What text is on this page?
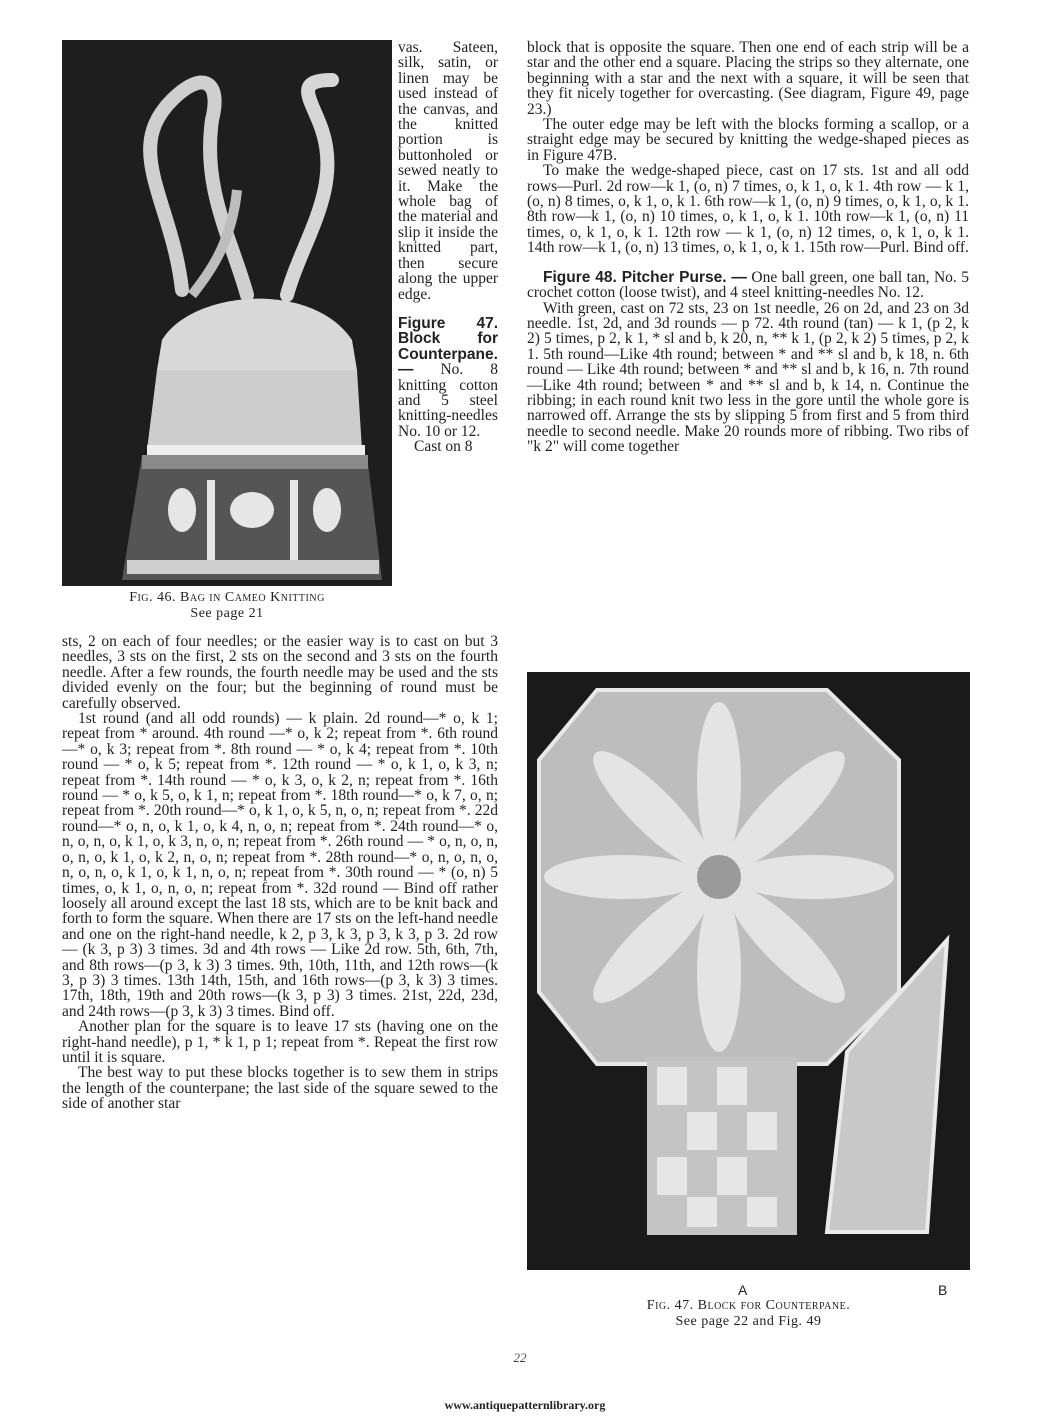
Fig. 46. Bag in Cameo Knitting
See page 21

vas. Sateen, silk, satin, or linen may be used instead of the canvas, and the knitted portion is buttonholed or sewed neatly to it. Make the whole bag of the material and slip it inside the knitted part, then secure along the upper edge.

Figure 47. Block for Counterpane. — No. 8 knitting cotton and 5 steel knitting-needles No. 10 or 12.

Cast on 8

sts, 2 on each of four needles; or the easier way is to cast on but 3 needles, 3 sts on the first, 2 sts on the second and 3 sts on the fourth needle. After a few rounds, the fourth needle may be used and the sts divided evenly on the four; but the beginning of round must be carefully observed.

1st round (and all odd rounds) — k plain. 2d round—* o, k 1; repeat from * around. 4th round —* o, k 2; repeat from *. 6th round—* o, k 3; repeat from *. 8th round — * o, k 4; repeat from *. 10th round — * o, k 5; repeat from *. 12th round — * o, k 1, o, k 3, n; repeat from *. 14th round — * o, k 3, o, k 2, n; repeat from *. 16th round — * o, k 5, o, k 1, n; repeat from *. 18th round—* o, k 7, o, n; repeat from *. 20th round—* o, k 1, o, k 5, n, o, n; repeat from *. 22d round—* o, n, o, k 1, o, k 4, n, o, n; repeat from *. 24th round—* o, n, o, n, o, k 1, o, k 3, n, o, n; repeat from *. 26th round — * o, n, o, n, o, n, o, k 1, o, k 2, n, o, n; repeat from *. 28th round—* o, n, o, n, o, n, o, n, o, k 1, o, k 1, n, o, n; repeat from *. 30th round — * (o, n) 5 times, o, k 1, o, n, o, n; repeat from *. 32d round — Bind off rather loosely all around except the last 18 sts, which are to be knit back and forth to form the square. When there are 17 sts on the left-hand needle and one on the right-hand needle, k 2, p 3, k 3, p 3, k 3, p 3. 2d row — (k 3, p 3) 3 times. 3d and 4th rows — Like 2d row. 5th, 6th, 7th, and 8th rows—(p 3, k 3) 3 times. 9th, 10th, 11th, and 12th rows—(k 3, p 3) 3 times. 13th 14th, 15th, and 16th rows—(p 3, k 3) 3 times. 17th, 18th, 19th and 20th rows—(k 3, p 3) 3 times. 21st, 22d, 23d, and 24th rows—(p 3, k 3) 3 times. Bind off.

Another plan for the square is to leave 17 sts (having one on the right-hand needle), p 1, * k 1, p 1; repeat from *. Repeat the first row until it is square.

The best way to put these blocks together is to sew them in strips the length of the counterpane; the last side of the square sewed to the side of another star

block that is opposite the square. Then one end of each strip will be a star and the other end a square. Placing the strips so they alternate, one beginning with a star and the next with a square, it will be seen that they fit nicely together for overcasting. (See diagram, Figure 49, page 23.)

The outer edge may be left with the blocks forming a scallop, or a straight edge may be secured by knitting the wedge-shaped pieces as in Figure 47B.

To make the wedge-shaped piece, cast on 17 sts. 1st and all odd rows—Purl. 2d row—k 1, (o, n) 7 times, o, k 1, o, k 1. 4th row — k 1, (o, n) 8 times, o, k 1, o, k 1. 6th row—k 1, (o, n) 9 times, o, k 1, o, k 1. 8th row—k 1, (o, n) 10 times, o, k 1, o, k 1. 10th row—k 1, (o, n) 11 times, o, k 1, o, k 1. 12th row — k 1, (o, n) 12 times, o, k 1, o, k 1. 14th row—k 1, (o, n) 13 times, o, k 1, o, k 1. 15th row—Purl. Bind off.

Figure 48. Pitcher Purse. — One ball green, one ball tan, No. 5 crochet cotton (loose twist), and 4 steel knitting-needles No. 12.

With green, cast on 72 sts, 23 on 1st needle, 26 on 2d, and 23 on 3d needle. 1st, 2d, and 3d rounds — p 72. 4th round (tan) — k 1, (p 2, k 2) 5 times, p 2, k 1, * sl and b, k 20, n, ** k 1, (p 2, k 2) 5 times, p 2, k 1. 5th round—Like 4th round; between * and ** sl and b, k 18, n. 6th round — Like 4th round; between * and ** sl and b, k 16, n. 7th round—Like 4th round; between * and ** sl and b, k 14, n. Continue the ribbing; in each round knit two less in the gore until the whole gore is narrowed off. Arrange the sts by slipping 5 from first and 5 from third needle to second needle. Make 20 rounds more of ribbing. Two ribs of "k 2" will come together

A	B
Fig. 47. Block for Counterpane.
See page 22 and Fig. 49
22
www.antiquepatternlibrary.org
